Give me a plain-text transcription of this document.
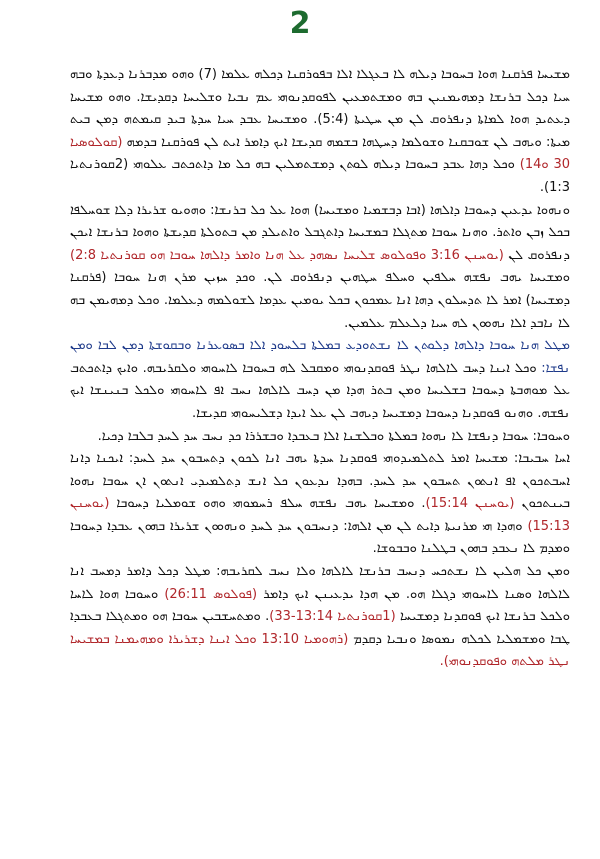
2

ܡܫܝܚܐ ܦܪܩܢܐ ܗܘܐ ܒܚܘܒܐ ܕܝܠܗ ܠܐ ܒܥܓܠܐ ܐܠܐ ܒܦܘܪܩܢܐ ܕܟܠܗ ܥܠܡܐ (7) ܘܗܘ ܡܕܒܪܢܐ ܕܥܕܬܐ ܘܒܗ ܚܝܐ ܕܟܠ ܒܪܢܫܐ ܕܡܗܝܡܢܝܢ ܒܗ ܘܡܫܬܡܥܝܢ ܠܦܘܩܕܢܘܗܝ ܥܡ ܢܒܝܐ ܘܫܠܝܚܐ ܕܩܕܝܫܐ. ܘܗܘ ܡܫܝܚܐ ܕܥܬܝܕ ܗܘܐ ܠܡܐܬܐ ܕܢܦܪܘܩ ܠܢ ܡܢ ܚܛܝܬܐ (5:4). ܘܡܫܝܚܐ ܥܒܕ ܚܝܐ ܚܕܬܐ ܒܝܕ ܩܝܡܬܗ ܕܡܢ ܒܝܬ ܡܝܬܐ: ܘܝܗܒ ܠܢ ܫܘܒܩܢܐ ܘܫܘܠܡܐ ܕܚܛܗܐ ܒܫܡܗ ܩܕܝܫܐ ܐܝܟ ܕܐܡܪ ܐܝܬ ܠܢ ܦܘܪܩܢܐ ܒܕܡܗ (ܩܘܠܘܣܝܐ 30 ܘ14) ܘܟܠ ܕܗܐ ܥܒܕ ܒܚܘܒܐ ܕܝܠܗ ܠܘܬܢ ܕܡܫܬܡܠܝܢ ܒܗ ܟܠ ܡܐ ܕܐܬܟܬܒ ܥܠܘܗܝ (2ܩܘܪܢܬܝܐ 1:3).

ܘܢܗܘܐ ܝܕܥܝܢ ܕܚܘܒܐ ܕܐܠܗܐ (ܐܒܐ ܕܒܫܡܝܐ ܘܡܫܝܚܐ) ܗܘܐ ܥܠ ܟܠ ܒܪܢܫܐ: ܘܗܘܝܘ ܫܪܝܪܐ ܕܠܐ ܫܘܚܠܦܐ ܒܟܠ ܙܒܢ ܘܐܬܪ. ܘܗܢܐ ܚܘܒܐ ܡܬܓܠܐ ܒܡܫܝܚܐ ܕܐܬܓܒܠ ܘܐܬܝܠܕ ܡܢ ܒܬܘܠܬܐ ܩܕܝܫܬܐ ܘܗܘܐ ܒܪܢܫܐ ܐܝܟܢ ܕܢܦܪܘܩ ܠܢ (ܝܘܚܢܢ 3:16 ܘܦܘܠܘܣ ܫܠܝܚܐ ܢܣܗܕ ܥܠ ܗܢܐ ܘܐܡܪ ܕܐܠܗܐ ܚܘܒܐ ܗܘ ܩܘܪܢܬܝܐ 2:8) ܘܡܫܝܚܐ ܝܗܒ ܢܦܫܗ ܚܠܦܝܢ ܘܚܠܦ ܚܛܗܝܢ ܕܢܦܪܘܩ ܠܢ. ܘܟܕ ܚܙܝܢ ܡܪܢ ܗܢܐ ܚܘܒܐ (ܦܪܩܢܐ ܕܡܫܝܚܐ) ܐܡܪ ܠܐ ܬܕܚܠܘܢ ܕܗܐ ܐܢܐ ܥܡܟܘܢ ܒܟܠ ܝܘܡܝܢ ܥܕܡܐ ܠܫܘܠܡܗ ܕܥܠܡܐ. ܘܟܠ ܕܡܗܝܡܢ ܒܗ ܠܐ ܢܐܒܕ ܐܠܐ ܢܗܘܘܢ ܠܗ ܚܝܐ ܕܠܥܠܡ ܥܠܡܝܢ.

ܡܛܠ ܗܢܐ ܚܘܒܐ ܕܐܠܗܐ ܕܠܘܬܢ ܠܐ ܢܫܬܘܕܥ ܒܡܠܬܐ ܒܠܚܘܕ ܐܠܐ ܒܣܘܥܪܢܐ ܘܒܩܘܫܬܐ ܕܡܢ ܠܒܐ ܘܡܢ ܢܦܫܐ: ܘܟܠ ܐܝܢܐ ܕܚܒ ܠܐܠܗܐ ܢܛܪ ܦܘܩܕܢܘܗܝ ܘܡܩܒܠ ܠܗ ܒܚܘܒܐ ܠܐܚܘܗܝ ܘܠܩܪܝܒܗ. ܘܐܝܟ ܕܐܬܟܬܒ ܥܠ ܡܘܗܒܬܐ ܕܚܘܒܐ ܒܫܠܝܚܐ ܘܡܢ ܒܬܪ ܗܕܐ ܡܢ ܕܚܒ ܠܐܠܗܐ ܢܚܒ ܐܦ ܠܐܚܘܗܝ ܘܠܟܠ ܒܢܝܢܫܐ ܐܝܟ ܢܦܫܗ. ܘܗܢܘ ܦܘܩܕܢܐ ܕܚܘܒܐ ܕܡܫܝܚܐ ܕܝܗܒ ܠܢ ܥܠ ܐܝܕܐ ܕܫܠܝܚܘܗܝ ܩܕܝܫܐ.

ܘܚܘܒܐ: ܚܘܒܐ ܕܢܦܫܐ ܠܐ ܢܗܘܐ ܒܡܠܬܐ ܘܒܠܫܢܐ ܐܠܐ ܒܥܒܕܐ ܘܒܫܪܪܐ ܟܕ ܢܚܒ ܚܕ ܠܚܕ ܒܠܒܐ ܕܟܝܐ.

ܐܚܐ ܚܒܝܒܐ: ܡܫܝܚܐ ܐܡܪ ܠܬܠܡܝܕܘܗܝ ܦܘܩܕܢܐ ܚܕܬܐ ܝܗܒ ܐܢܐ ܠܟܘܢ ܕܬܚܒܘܢ ܚܕ ܠܚܕ: ܐܝܟܢܐ ܕܐܢܐ ܐܚܒܬܟܘܢ ܐܦ ܐܢܬܘܢ ܬܚܒܘܢ ܚܕ ܠܚܕ. ܒܗܕܐ ܢܕܥܘܢ ܟܠ ܐܢܫ ܕܬܠܡܝܕܝ ܐܢܬܘܢ ܐܢ ܚܘܒܐ ܢܗܘܐ ܒܝܢܬܟܘܢ (ܝܘܚܢܢ 15:14). ܘܡܫܝܚܐ ܝܗܒ ܢܦܫܗ ܚܠܦ ܪܚܡܘܗܝ ܘܗܘ ܫܘܡܠܝܐ ܕܚܘܒܐ (ܝܘܚܢܢ 15:13) ܘܗܕܐ ܗܝ ܡܪܢܝܬܐ ܕܐܝܬ ܠܢ ܡܢ ܐܠܗܐ: ܕܢܚܒܘܢ ܚܕ ܠܚܕ ܘܢܗܘܘܢ ܫܪܝܪܐ ܒܗܘܢ ܥܒܕܐ ܕܚܘܒܐ ܘܡܕܡ ܠܐ ܢܥܒܕ ܒܗܘܢ ܒܛܠܢܐ ܘܒܒܘܫܐ.

ܘܡܢ ܟܠ ܗܠܝܢ ܠܐ ܢܫܬܟܚ ܕܢܚܒ ܒܪܢܫܐ ܠܐܠܗܐ ܘܠܐ ܢܚܒ ܠܩܪܝܒܗ: ܡܛܠ ܕܟܠ ܕܐܡܪ ܕܡܚܒ ܐܢܐ ܠܐܠܗܐ ܘܣܢܐ ܠܐܚܘܗܝ ܕܓܠܐ ܗܘ. ܡܢ ܗܕܐ ܝܕܥܝܢܢ ܐܝܟ ܕܐܡܪ (ܦܘܠܘܣ 26:11) ܘܚܘܒܐ ܗܘܐ ܠܐܚܐ ܘܠܟܠ ܒܪܢܫܐ ܐܝܟ ܦܘܩܕܢܐ ܕܡܫܝܚܐ (1ܩܘܪܢܬܝܐ 13:14-33). ܘܡܬܚܫܒܝܢ ܚܘܒܐ ܗܘ ܘܡܬܓܠܐ ܒܥܒܕܐ ܛܒܐ ܘܡܫܡܠܝܐ ܠܟܠܗ ܢܡܘܣܐ ܘܢܒܝܐ ܕܩܕܡ (ܪܗܘܡܝܐ 13:10 ܘܟܠ ܐܝܢܐ ܕܫܪܝܪܐ ܘܡܗܝܡܢܐ ܒܡܫܝܚܐ ܢܛܪ ܡܠܬܗ ܘܦܘܩܕܢܘܗܝ).
